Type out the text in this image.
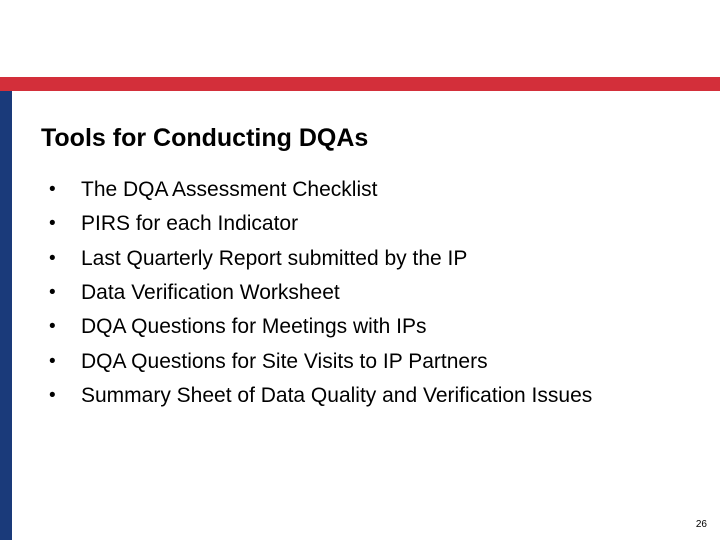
Tools for Conducting DQAs
•	The DQA Assessment Checklist
•	PIRS for each Indicator
•	Last Quarterly Report submitted by the IP
•	Data Verification Worksheet
•	DQA Questions for Meetings with IPs
•	DQA Questions for Site Visits to IP Partners
•	Summary Sheet of Data Quality and Verification Issues
26
